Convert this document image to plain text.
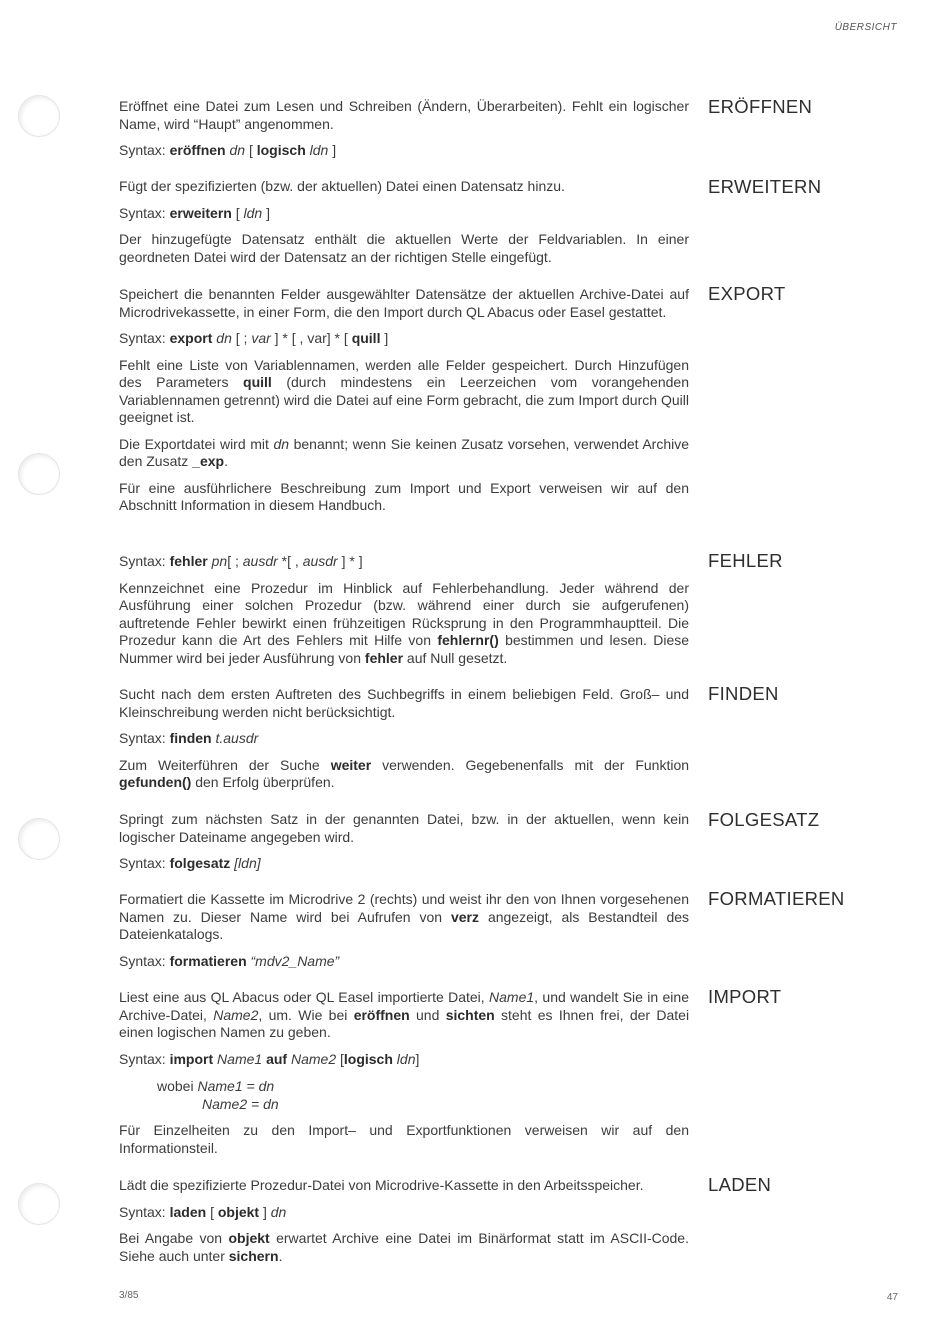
ÜBERSICHT
ERÖFFNEN

Eröffnet eine Datei zum Lesen und Schreiben (Ändern, Überarbeiten). Fehlt ein logischer Name, wird “Haupt” angenommen.

Syntax: eröffnen dn [ logisch ldn ]

ERWEITERN

Fügt der spezifizierten (bzw. der aktuellen) Datei einen Datensatz hinzu.

Syntax: erweitern [ ldn ]

Der hinzugefügte Datensatz enthält die aktuellen Werte der Feldvariablen. In einer geordneten Datei wird der Datensatz an der richtigen Stelle eingefügt.

EXPORT

Speichert die benannten Felder ausgewählter Datensätze der aktuellen Archive-Datei auf Microdrivekassette, in einer Form, die den Import durch QL Abacus oder Easel gestattet.

Syntax: export dn [ ; var ] * [ , var] * [ quill ]

Fehlt eine Liste von Variablennamen, werden alle Felder gespeichert. Durch Hinzufügen des Parameters quill (durch mindestens ein Leerzeichen vom vorangehenden Variablennamen getrennt) wird die Datei auf eine Form gebracht, die zum Import durch Quill geeignet ist.

Die Exportdatei wird mit dn benannt; wenn Sie keinen Zusatz vorsehen, verwendet Archive den Zusatz _exp.

Für eine ausführlichere Beschreibung zum Import und Export verweisen wir auf den Abschnitt Information in diesem Handbuch.

FEHLER

Syntax: fehler pn[ ; ausdr *[ , ausdr ] * ]

Kennzeichnet eine Prozedur im Hinblick auf Fehlerbehandlung. Jeder während der Ausführung einer solchen Prozedur (bzw. während einer durch sie aufgerufenen) auftretende Fehler bewirkt einen frühzeitigen Rücksprung in den Programmhauptteil. Die Prozedur kann die Art des Fehlers mit Hilfe von fehlernr() bestimmen und lesen. Diese Nummer wird bei jeder Ausführung von fehler auf Null gesetzt.

FINDEN

Sucht nach dem ersten Auftreten des Suchbegriffs in einem beliebigen Feld. Groß– und Kleinschreibung werden nicht berücksichtigt.

Syntax: finden t.ausdr

Zum Weiterführen der Suche weiter verwenden. Gegebenenfalls mit der Funktion gefunden() den Erfolg überprüfen.

FOLGESATZ

Springt zum nächsten Satz in der genannten Datei, bzw. in der aktuellen, wenn kein logischer Dateiname angegeben wird.

Syntax: folgesatz [ldn]

FORMATIEREN

Formatiert die Kassette im Microdrive 2 (rechts) und weist ihr den von Ihnen vorgesehenen Namen zu. Dieser Name wird bei Aufrufen von verz angezeigt, als Bestandteil des Dateienkatalogs.

Syntax: formatieren “mdv2_Name”

IMPORT

Liest eine aus QL Abacus oder QL Easel importierte Datei, Name1, und wandelt Sie in eine Archive-Datei, Name2, um. Wie bei eröffnen und sichten steht es Ihnen frei, der Datei einen logischen Namen zu geben.

Syntax: import Name1 auf Name2 [logisch ldn]

wobei Name1 = dn
Name2 = dn

Für Einzelheiten zu den Import– und Exportfunktionen verweisen wir auf den Informationsteil.

LADEN

Lädt die spezifizierte Prozedur-Datei von Microdrive-Kassette in den Arbeitsspeicher.

Syntax: laden [ objekt ] dn

Bei Angabe von objekt erwartet Archive eine Datei im Binärformat statt im ASCII-Code. Siehe auch unter sichern.

3/85	47
